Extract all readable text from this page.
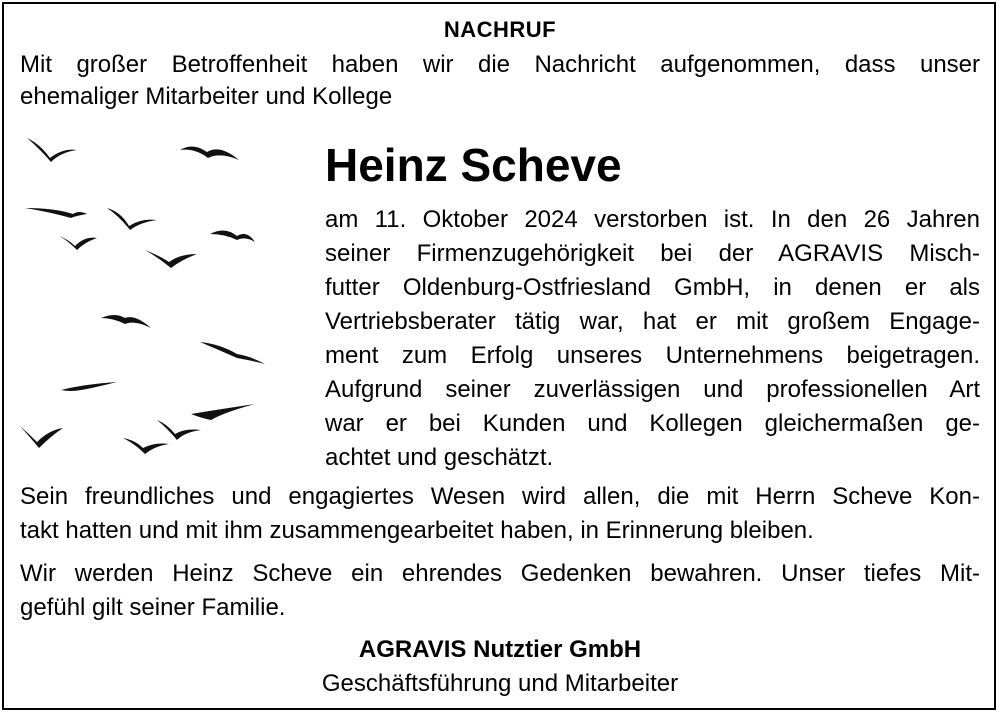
NACHRUF
Mit großer Betroffenheit haben wir die Nachricht aufgenommen, dass unser
ehemaliger Mitarbeiter und Kollege
Heinz Scheve
am 11. Oktober 2024 verstorben ist. In den 26 Jahren
seiner Firmenzugehörigkeit bei der AGRAVIS Misch-
futter Oldenburg-Ostfriesland GmbH, in denen er als
Vertriebsberater tätig war, hat er mit großem Engage-
ment zum Erfolg unseres Unternehmens beigetragen.
Aufgrund seiner zuverlässigen und professionellen Art
war er bei Kunden und Kollegen gleichermaßen ge-
achtet und geschätzt.
Sein freundliches und engagiertes Wesen wird allen, die mit Herrn Scheve Kon-
takt hatten und mit ihm zusammengearbeitet haben, in Erinnerung bleiben.
Wir werden Heinz Scheve ein ehrendes Gedenken bewahren. Unser tiefes Mit-
gefühl gilt seiner Familie.
AGRAVIS Nutztier GmbH
Geschäftsführung und Mitarbeiter
